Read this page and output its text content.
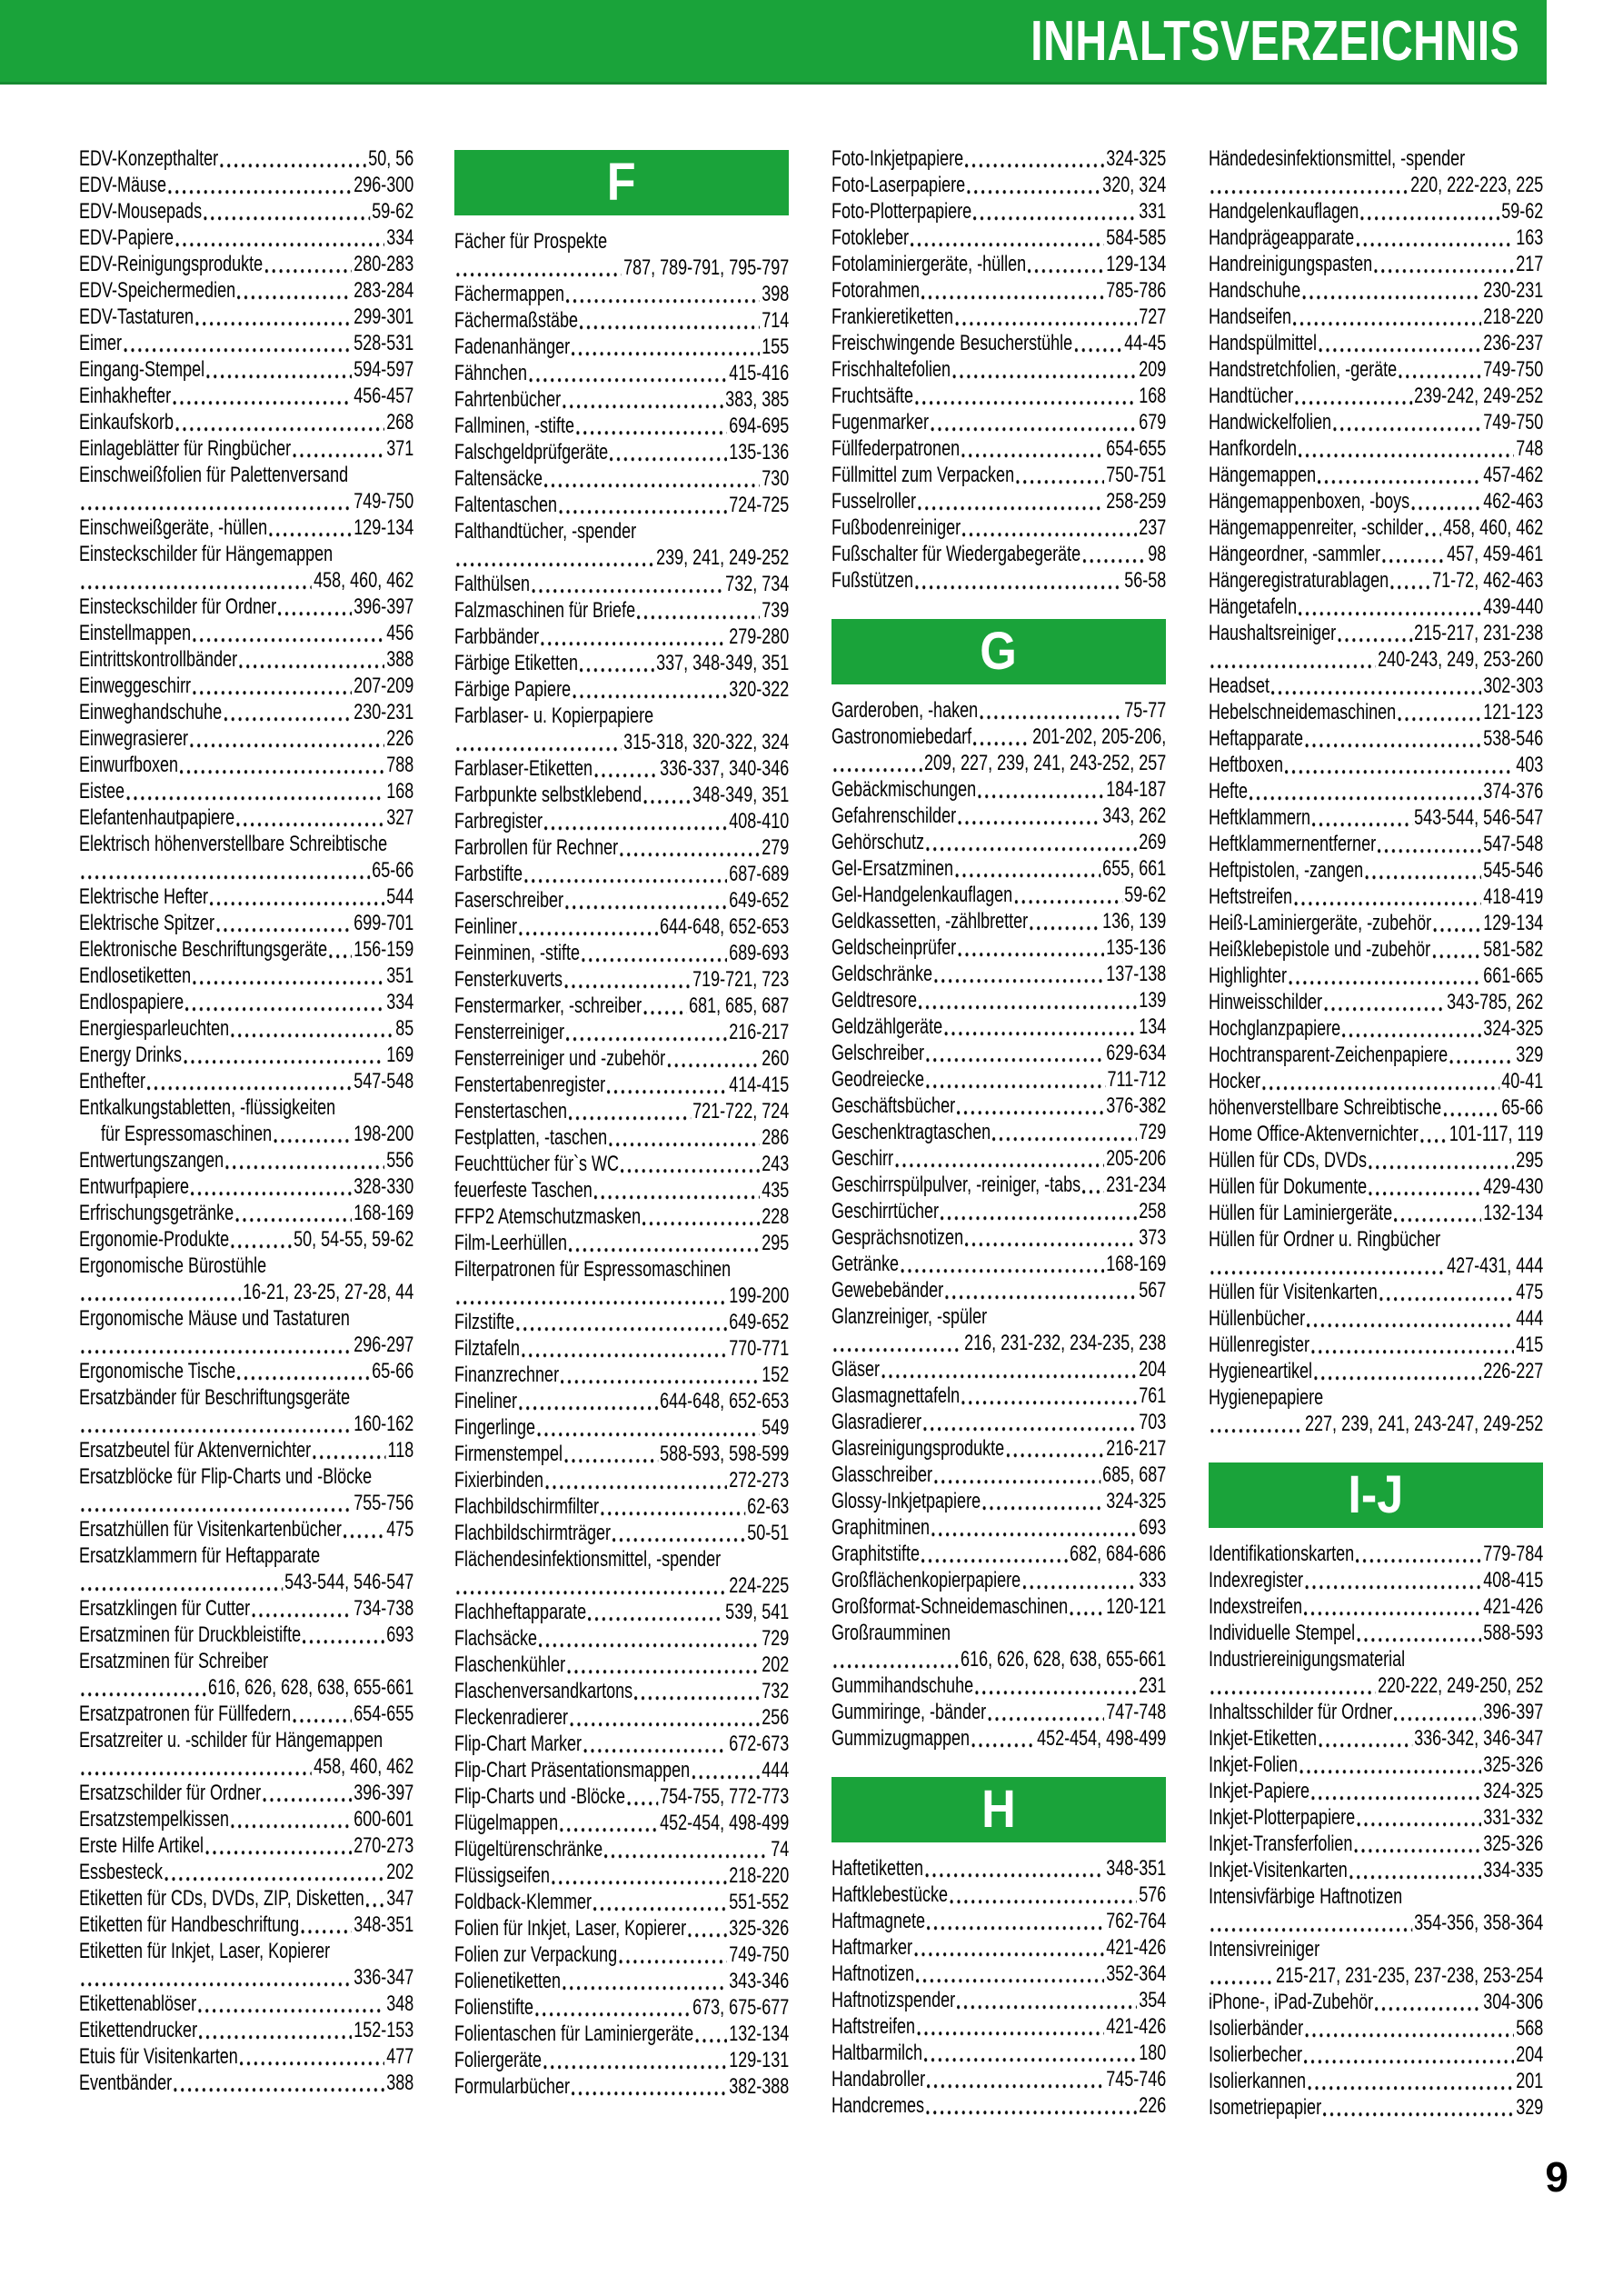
INHALTSVERZEICHNIS
EDV-Konzepthalter	50, 56
EDV-Mäuse	296-300
EDV-Mousepads	59-62
EDV-Papiere	334
EDV-Reinigungsprodukte	280-283
EDV-Speichermedien	283-284
EDV-Tastaturen	299-301
Eimer	528-531
Eingang-Stempel	594-597
Einhakhefter	456-457
Einkaufskorb	268
Einlageblätter für Ringbücher	371
Einschweißfolien für Palettenversand
749-750
Einschweißgeräte, -hüllen	129-134
Einsteckschilder für Hängemappen
458, 460, 462
Einsteckschilder für Ordner	396-397
Einstellmappen	456
Eintrittskontrollbänder	388
Einweggeschirr	207-209
Einweghandschuhe	230-231
Einwegrasierer	226
Einwurfboxen	788
Eistee	168
Elefantenhautpapiere	327
Elektrisch höhenverstellbare Schreibtische
65-66
Elektrische Hefter	544
Elektrische Spitzer	699-701
Elektronische Beschriftungsgeräte 156-159
Endlosetiketten	351
Endlospapiere	334
Energiesparleuchten	85
Energy Drinks	169
Enthefter	547-548
Entkalkungstabletten, -flüssigkeiten
für Espressomaschinen	198-200
Entwertungszangen	556
Entwurfpapiere	328-330
Erfrischungsgetränke	168-169
Ergonomie-Produkte	50, 54-55, 59-62
Ergonomische Bürostühle
16-21, 23-25, 27-28, 44
Ergonomische Mäuse und Tastaturen
296-297
Ergonomische Tische	65-66
Ersatzbänder für Beschriftungsgeräte
160-162
Ersatzbeutel für Aktenvernichter	118
Ersatzblöcke für Flip-Charts und -Blöcke
755-756
Ersatzhüllen für Visitenkartenbücher 475
Ersatzklammern für Heftapparate
543-544, 546-547
Ersatzklingen für Cutter	734-738
Ersatzminen für Druckbleistifte	693
Ersatzminen für Schreiber
616, 626, 628, 638, 655-661
Ersatzpatronen für Füllfedern	654-655
Ersatzreiter u. -schilder für Hängemappen
458, 460, 462
Ersatzschilder für Ordner	396-397
Ersatzstempelkissen	600-601
Erste Hilfe Artikel	270-273
Essbesteck	202
Etiketten für CDs, DVDs, ZIP, Disketten 347
Etiketten für Handbeschriftung	348-351
Etiketten für Inkjet, Laser, Kopierer
336-347
Etikettenablöser	348
Etikettendrucker	152-153
Etuis für Visitenkarten	477
Eventbänder	388
F
Fächer für Prospekte
787, 789-791, 795-797
Fächermappen	398
Fächermaßstäbe	714
Fadenanhänger	155
Fähnchen	415-416
Fahrtenbücher	383, 385
Fallminen, -stifte	694-695
Falschgeldprüfgeräte	135-136
Faltensäcke	730
Faltentaschen	724-725
Falthandtücher, -spender
239, 241, 249-252
Falthülsen	732, 734
Falzmaschinen für Briefe	739
Farbbänder	279-280
Färbige Etiketten	337, 348-349, 351
Färbige Papiere	320-322
Farblaser- u. Kopierpapiere
315-318, 320-322, 324
Farblaser-Etiketten	336-337, 340-346
Farbpunkte selbstklebend 348-349, 351
Farbregister	408-410
Farbrollen für Rechner	279
Farbstifte	687-689
Faserschreiber	649-652
Feinliner	644-648, 652-653
Feinminen, -stifte	689-693
Fensterkuverts	719-721, 723
Fenstermarker, -schreiber 681, 685, 687
Fensterreiniger	216-217
Fensterreiniger und -zubehör	260
Fenstertabenregister	414-415
Fenstertaschen	721-722, 724
Festplatten, -taschen	286
Feuchttücher für`s WC	243
feuerfeste Taschen	435
FFP2 Atemschutzmasken	228
Film-Leerhüllen	295
Filterpatronen für Espressomaschinen
199-200
Filzstifte	649-652
Filztafeln	770-771
Finanzrechner	152
Fineliner	644-648, 652-653
Fingerlinge	549
Firmenstempel	588-593, 598-599
Fixierbinden	272-273
Flachbildschirmfilter	62-63
Flachbildschirmträger	50-51
Flächendesinfektionsmittel, -spender
224-225
Flachheftapparate	539, 541
Flachsäcke	729
Flaschenkühler	202
Flaschenversandkartons	732
Fleckenradierer	256
Flip-Chart Marker	672-673
Flip-Chart Präsentationsmappen	444
Flip-Charts und -Blöcke 754-755, 772-773
Flügelmappen	452-454, 498-499
Flügeltürenschränke	74
Flüssigseifen	218-220
Foldback-Klemmer	551-552
Folien für Inkjet, Laser, Kopierer 325-326
Folien zur Verpackung	749-750
Folienetiketten	343-346
Folienstifte	673, 675-677
Folientaschen für Laminiergeräte 132-134
Foliergeräte	129-131
Formularbücher	382-388
Foto-Inkjetpapiere	324-325
Foto-Laserpapiere	320, 324
Foto-Plotterpapiere	331
Fotokleber	584-585
Fotolaminiergeräte, -hüllen	129-134
Fotorahmen	785-786
Frankieretiketten	727
Freischwingende Besucherstühle 44-45
Frischhaltefolien	209
Fruchtsäfte	168
Fugenmarker	679
Füllfederpatronen	654-655
Füllmittel zum Verpacken	750-751
Fusselroller	258-259
Fußbodenreiniger	237
Fußschalter für Wiedergabegeräte	98
Fußstützen	56-58
G
Garderoben, -haken	75-77
Gastronomiebedarf	201-202, 205-206,
209, 227, 239, 241, 243-252, 257
Gebäckmischungen	184-187
Gefahrenschilder	343, 262
Gehörschutz	269
Gel-Ersatzminen	655, 661
Gel-Handgelenkauflagen	59-62
Geldkassetten, -zählbretter	136, 139
Geldscheinprüfer	135-136
Geldschränke	137-138
Geldtresore	139
Geldzählgeräte	134
Gelschreiber	629-634
Geodreiecke	711-712
Geschäftsbücher	376-382
Geschenktragtaschen	729
Geschirr	205-206
Geschirrspülpulver, -reiniger, -tabs 231-234
Geschirrtücher	258
Gesprächsnotizen	373
Getränke	168-169
Gewebebänder	567
Glanzreiniger, -spüler
216, 231-232, 234-235, 238
Gläser	204
Glasmagnettafeln	761
Glasradierer	703
Glasreinigungsprodukte	216-217
Glasschreiber	685, 687
Glossy-Inkjetpapiere	324-325
Graphitminen	693
Graphitstifte	682, 684-686
Großflächenkopierpapiere	333
Großformat-Schneidemaschinen 120-121
Großraumminen
616, 626, 628, 638, 655-661
Gummihandschuhe	231
Gummiringe, -bänder	747-748
Gummizugmappen	452-454, 498-499
H
Haftetiketten	348-351
Haftklebestücke	576
Haftmagnete	762-764
Haftmarker	421-426
Haftnotizen	352-364
Haftnotizspender	354
Haftstreifen	421-426
Haltbarmilch	180
Handabroller	745-746
Handcremes	226
Händedesinfektionsmittel, -spender
220, 222-223, 225
Handgelenkauflagen	59-62
Handprägeapparate	163
Handreinigungspasten	217
Handschuhe	230-231
Handseifen	218-220
Handspülmittel	236-237
Handstretchfolien, -geräte	749-750
Handtücher	239-242, 249-252
Handwickelfolien	749-750
Hanfkordeln	748
Hängemappen	457-462
Hängemappenboxen, -boys	462-463
Hängemappenreiter, -schilder 458, 460, 462
Hängeordner, -sammler	457, 459-461
Hängeregistraturablagen 71-72, 462-463
Hängetafeln	439-440
Haushaltsreiniger	215-217, 231-238
240-243, 249, 253-260
Headset	302-303
Hebelschneidemaschinen	121-123
Heftapparate	538-546
Heftboxen	403
Hefte	374-376
Heftklammern	543-544, 546-547
Heftklammernentferner	547-548
Heftpistolen, -zangen	545-546
Heftstreifen	418-419
Heiß-Laminiergeräte, -zubehör 129-134
Heißklebepistole und -zubehör 581-582
Highlighter	661-665
Hinweisschilder	343-785, 262
Hochglanzpapiere	324-325
Hochtransparent-Zeichenpapiere	329
Hocker	40-41
höhenverstellbare Schreibtische	65-66
Home Office-Aktenvernichter 101-117, 119
Hüllen für CDs, DVDs	295
Hüllen für Dokumente	429-430
Hüllen für Laminiergeräte	132-134
Hüllen für Ordner u. Ringbücher
427-431, 444
Hüllen für Visitenkarten	475
Hüllenbücher	444
Hüllenregister	415
Hygieneartikel	226-227
Hygienepapiere
227, 239, 241, 243-247, 249-252
I-J
Identifikationskarten	779-784
Indexregister	408-415
Indexstreifen	421-426
Individuelle Stempel	588-593
Industriereinigungsmaterial
220-222, 249-250, 252
Inhaltsschilder für Ordner	396-397
Inkjet-Etiketten	336-342, 346-347
Inkjet-Folien	325-326
Inkjet-Papiere	324-325
Inkjet-Plotterpapiere	331-332
Inkjet-Transferfolien	325-326
Inkjet-Visitenkarten	334-335
Intensivfärbige Haftnotizen
354-356, 358-364
Intensivreiniger
215-217, 231-235, 237-238, 253-254
iPhone-, iPad-Zubehör	304-306
Isolierbänder	568
Isolierbecher	204
Isolierkannen	201
Isometriepapier	329
9
